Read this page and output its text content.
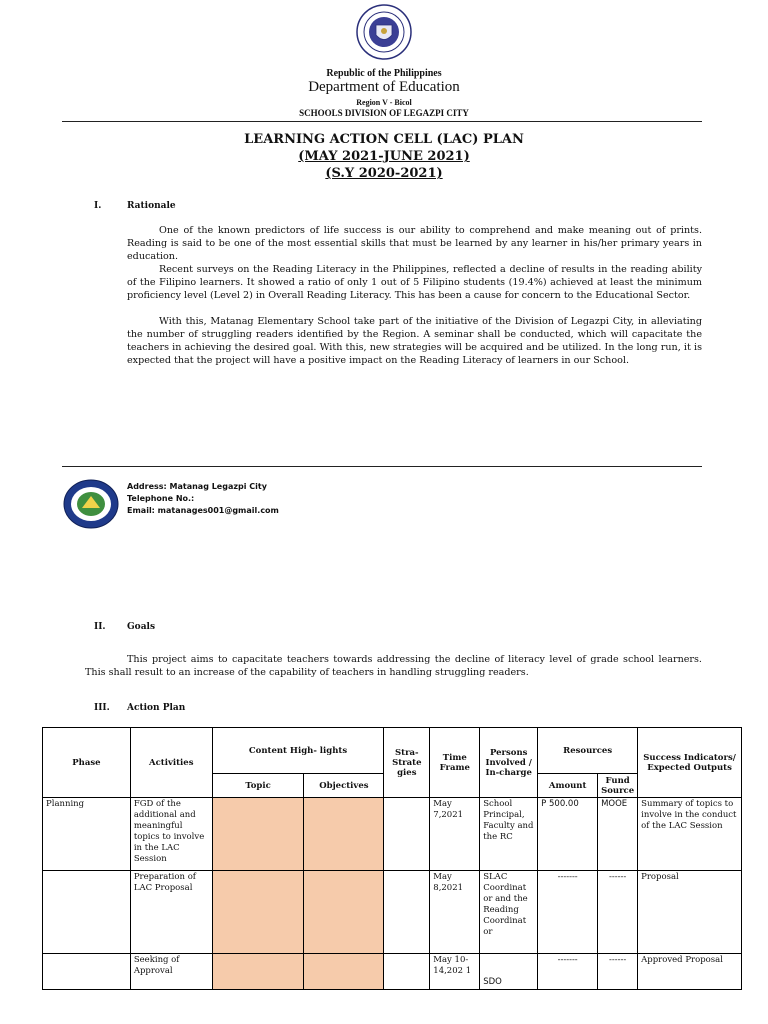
Republic of the Philippines
Department of Education
Region V - Bicol
SCHOOLS DIVISION OF LEGAZPI CITY
LEARNING ACTION CELL (LAC) PLAN
(MAY 2021-JUNE 2021)
(S.Y 2020-2021)
I.	Rationale

One of the known predictors of life success is our ability to comprehend and make meaning out of prints. Reading is said to be one of the most essential skills that must be learned by any learner in his/her primary years in education.

Recent surveys on the Reading Literacy in the Philippines, reflected a decline of results in the reading ability of the Filipino learners. It showed a ratio of only 1 out of 5 Filipino students (19.4%) achieved at least the minimum proficiency level (Level 2) in Overall Reading Literacy. This has been a cause for concern to the Educational Sector.

With this, Matanag Elementary School take part of the initiative of the Division of Legazpi City, in alleviating the number of struggling readers identified by the Region. A seminar shall be conducted, which will capacitate the teachers in achieving the desired goal. With this, new strategies will be acquired and be utilized. In the long run, it is expected that the project will have a positive impact on the Reading Literacy of learners in our School.

Address: Matanag Legazpi City
Telephone No.:
Email: matanages001@gmail.com
II. Goals

This project aims to capacitate teachers towards addressing the decline of literacy level of grade school learners. This shall result to an increase of the capability of teachers in handling struggling readers.

III. Action Plan
Phase	Activities	Content High- lights		Stra- Strate gies	Time Frame	Persons Involved / In-charge	Resources		Success Indicators/ Expected Outputs
		Topic	Objectives				Amount	Fund Source	
Planning	FGD of the additional and meaningful topics to involve in the LAC Session				May 7,2021	School Principal, Faculty and the RC	P 500.00	MOOE	Summary of topics to involve in the conduct of the LAC Session
	Preparation of LAC Proposal				May 8,2021	SLAC Coordinat or and the Reading Coordinat or	-------	------	Proposal
	Seeking of Approval				May 10-14,202 1	SDO	-------	------	Approved Proposal
